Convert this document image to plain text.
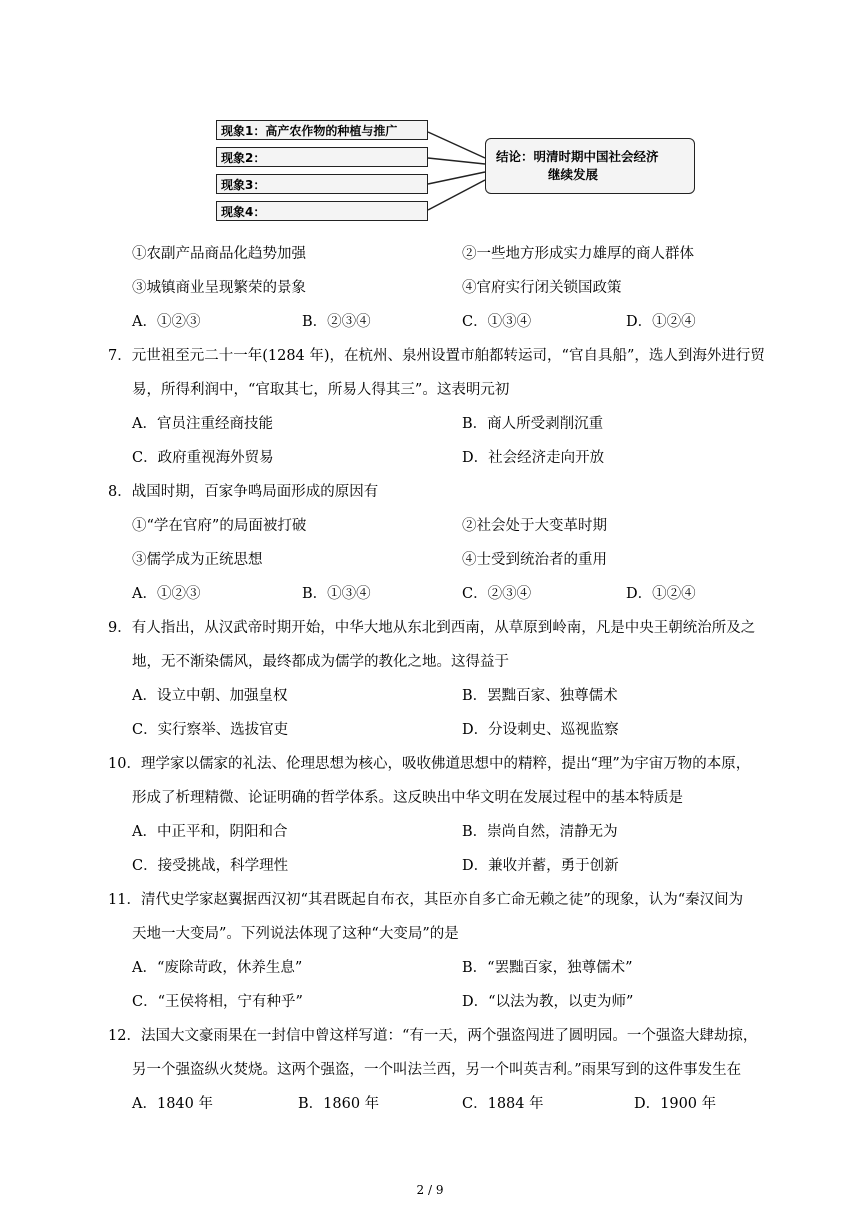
现象1：高产农作物的种植与推广
现象2：
现象3：
现象4：
结论：明清时期中国社会经济
继续发展
①农副产品商品化趋势加强	②一些地方形成实力雄厚的商人群体
③城镇商业呈现繁荣的景象	④官府实行闭关锁国政策
A．①②③	B．②③④	C．①③④	D．①②④
7．元世祖至元二十一年(1284 年)，在杭州、泉州设置市舶都转运司，“官自具船”，选人到海外进行贸
易，所得利润中，“官取其七，所易人得其三”。这表明元初
A．官员注重经商技能	B．商人所受剥削沉重
C．政府重视海外贸易	D．社会经济走向开放
8．战国时期，百家争鸣局面形成的原因有
①“学在官府”的局面被打破	②社会处于大变革时期
③儒学成为正统思想	④士受到统治者的重用
A．①②③	B．①③④	C．②③④	D．①②④
9．有人指出，从汉武帝时期开始，中华大地从东北到西南，从草原到岭南，凡是中央王朝统治所及之
地，无不渐染儒风，最终都成为儒学的教化之地。这得益于
A．设立中朝、加强皇权	B．罢黜百家、独尊儒术
C．实行察举、选拔官吏	D．分设刺史、巡视监察
10．理学家以儒家的礼法、伦理思想为核心，吸收佛道思想中的精粹，提出“理”为宇宙万物的本原，
形成了析理精微、论证明确的哲学体系。这反映出中华文明在发展过程中的基本特质是
A．中正平和，阴阳和合	B．崇尚自然，清静无为
C．接受挑战，科学理性	D．兼收并蓄，勇于创新
11．清代史学家赵翼据西汉初“其君既起自布衣，其臣亦自多亡命无赖之徒”的现象，认为“秦汉间为
天地一大变局”。下列说法体现了这种“大变局”的是
A．“废除苛政，休养生息”	B．“罢黜百家，独尊儒术”
C．“王侯将相，宁有种乎”	D．“以法为教，以吏为师”
12．法国大文豪雨果在一封信中曾这样写道：“有一天，两个强盗闯进了圆明园。一个强盗大肆劫掠，
另一个强盗纵火焚烧。这两个强盗，一个叫法兰西，另一个叫英吉利。”雨果写到的这件事发生在
A．1840 年	B．1860 年	C．1884 年	D．1900 年
2 / 9
